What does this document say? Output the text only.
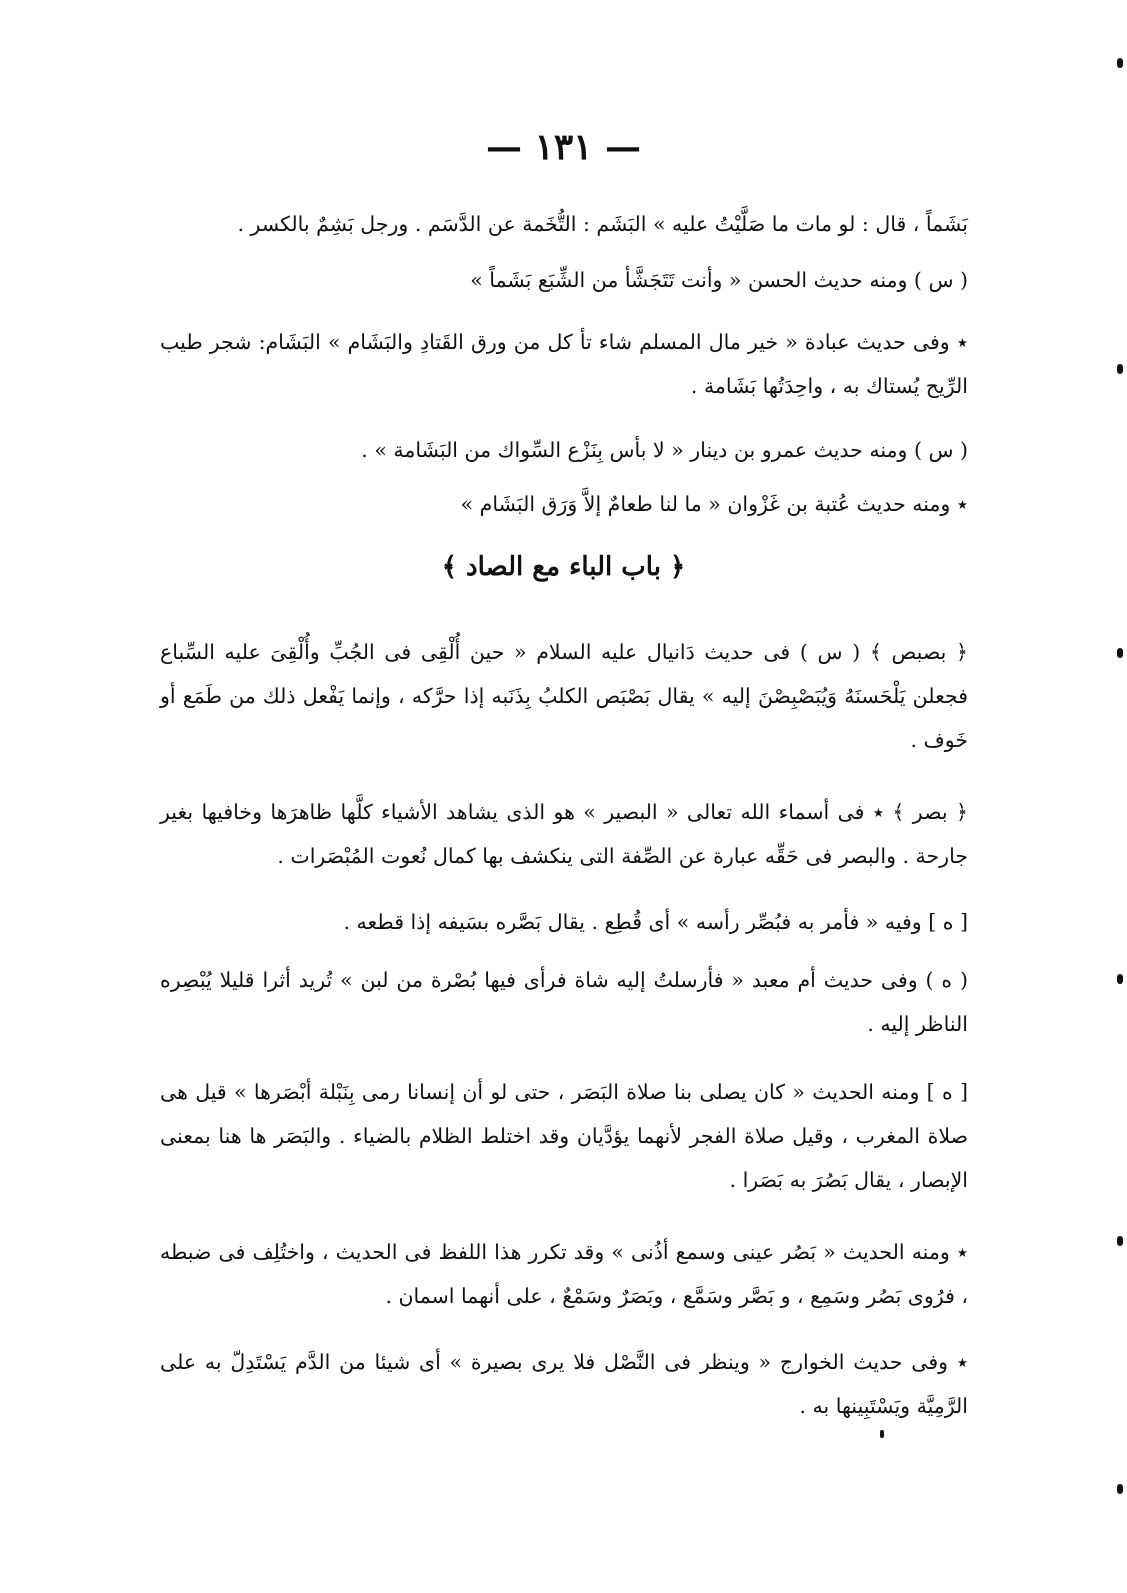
— ١٣١ —
بَشَماً ، قال : لو مات ما صَلَّيْتُ عليه » البَشَم : التُّخَمة عن الدَّسَم . ورجل بَشِمٌ بالكسر .
( س ) ومنه حديث الحسن « وأنت تَتَجَشَّأ من الشِّبَع بَشَماً »
٭ وفى حديث عبادة « خير مال المسلم شاء تأ كل من ورق القَتادِ والبَشَام » البَشَام: شجر طيب الرِّيح يُستاك به ، واحِدَتُها بَشَامة .
( س ) ومنه حديث عمرو بن دينار « لا بأس بِنَزْع السِّواك من البَشَامة » .
٭ ومنه حديث عُتبة بن غَزْوان « ما لنا طعامٌ إلاَّ وَرَق البَشَام »
﴿ باب الباء مع الصاد ﴾
﴿ بصبص ﴾ ( س ) فى حديث دَانيال عليه السلام « حين أُلْقِى فى الجُبِّ وأُلْقِىَ عليه السِّباع فجعلن يَلْحَسنَهُ وَيُبَصْبِصْنَ إليه » يقال بَصْبَص الكلبُ بِذَنَبه إذا حرَّكه ، وإنما يَفْعل ذلك من طَمَع أو خَوف .
﴿ بصر ﴾ ٭ فى أسماء الله تعالى « البصير » هو الذى يشاهد الأشياء كلَّها ظاهرَها وخافيها بغير جارحة . والبصر فى حَقِّه عبارة عن الصِّفة التى ينكشف بها كمال نُعوت المُبْصَرات .
[ ه ] وفيه « فأمر به فبُصِّر رأسه » أى قُطِع . يقال بَصَّره بسَيفه إذا قطعه .
( ه ) وفى حديث أم معبد « فأرسلتُ إليه شاة فرأى فيها بُصْرة من لبن » تُريد أثرا قليلا يُبْصِره الناظر إليه .
[ ه ] ومنه الحديث « كان يصلى بنا صلاة البَصَر ، حتى لو أن إنسانا رمى بِنَبْلة أبْصَرها » قيل هى صلاة المغرب ، وقيل صلاة الفجر لأنهما يؤدَّيان وقد اختلط الظلام بالضياء . والبَصَر ها هنا بمعنى الإبصار ، يقال بَصُرَ به بَصَرا .
٭ ومنه الحديث « بَصُر عينى وسمع أذُنى » وقد تكرر هذا اللفظ فى الحديث ، واختُلِف فى ضبطه ، فرُوى بَصُر وسَمِع ، و بَصَّر وسَمَّع ، وبَصَرٌ وسَمْعٌ ، على أنهما اسمان .
٭ وفى حديث الخوارج « وينظر فى النَّصْل فلا يرى بصيرة » أى شيئا من الدَّم يَسْتَدِلّ به على الرَّمِيَّة ويَسْتَبِينها به .
